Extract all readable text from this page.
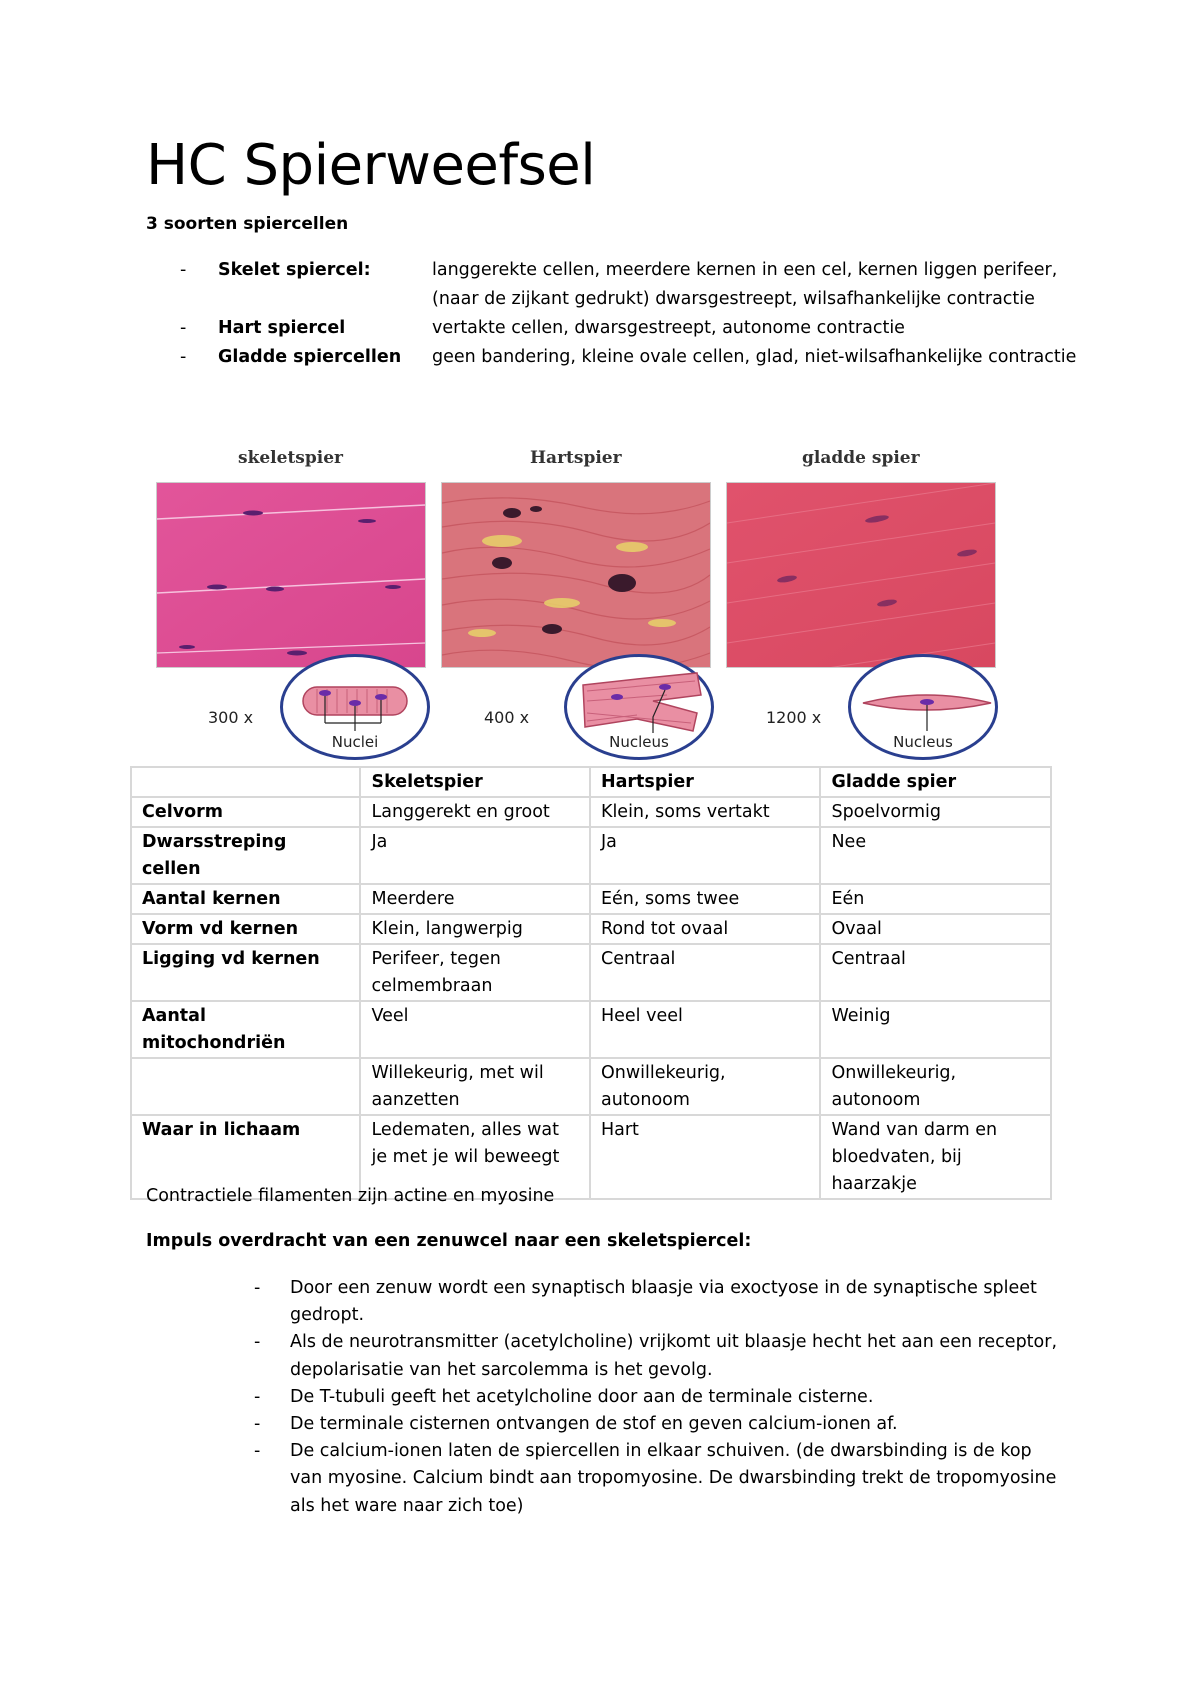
HC Spierweefsel
3 soorten spiercellen
-	Skelet spiercel:	langgerekte cellen, meerdere kernen in een cel, kernen liggen perifeer, (naar de zijkant gedrukt) dwarsgestreept, wilsafhankelijke contractie
-	Hart spiercel	vertakte cellen, dwarsgestreept, autonome contractie
-	Gladde spiercellen	geen bandering, kleine ovale cellen, glad, niet-wilsafhankelijke contractie
skeletspier
300 x
Nuclei
Hartspier
400 x
Nucleus
gladde spier
1200 x
Nucleus
	Skeletspier	Hartspier	Gladde spier
Celvorm	Langgerekt en groot	Klein, soms vertakt	Spoelvormig
Dwarsstreping cellen	Ja	Ja	Nee
Aantal kernen	Meerdere	Eén, soms twee	Eén
Vorm vd kernen	Klein, langwerpig	Rond tot ovaal	Ovaal
Ligging vd kernen	Perifeer, tegen celmembraan	Centraal	Centraal
Aantal mitochondriën	Veel	Heel veel	Weinig
	Willekeurig, met wil aanzetten	Onwillekeurig, autonoom	Onwillekeurig, autonoom
Waar in lichaam	Ledematen, alles wat je met je wil beweegt	Hart	Wand van darm en bloedvaten, bij haarzakje
Contractiele filamenten zijn actine en myosine
Impuls overdracht van een zenuwcel naar een skeletspiercel:
-	Door een zenuw wordt een synaptisch blaasje via exoctyose in de synaptische spleet gedropt.
-	Als de neurotransmitter (acetylcholine) vrijkomt uit blaasje hecht het aan een receptor, depolarisatie van het sarcolemma is het gevolg.
-	De T-tubuli geeft het acetylcholine door aan de terminale cisterne.
-	De terminale cisternen ontvangen de stof en geven calcium-ionen af.
-	De calcium-ionen laten de spiercellen in elkaar schuiven. (de dwarsbinding is de kop van myosine. Calcium bindt aan tropomyosine. De dwarsbinding trekt de tropomyosine als het ware naar zich toe)
